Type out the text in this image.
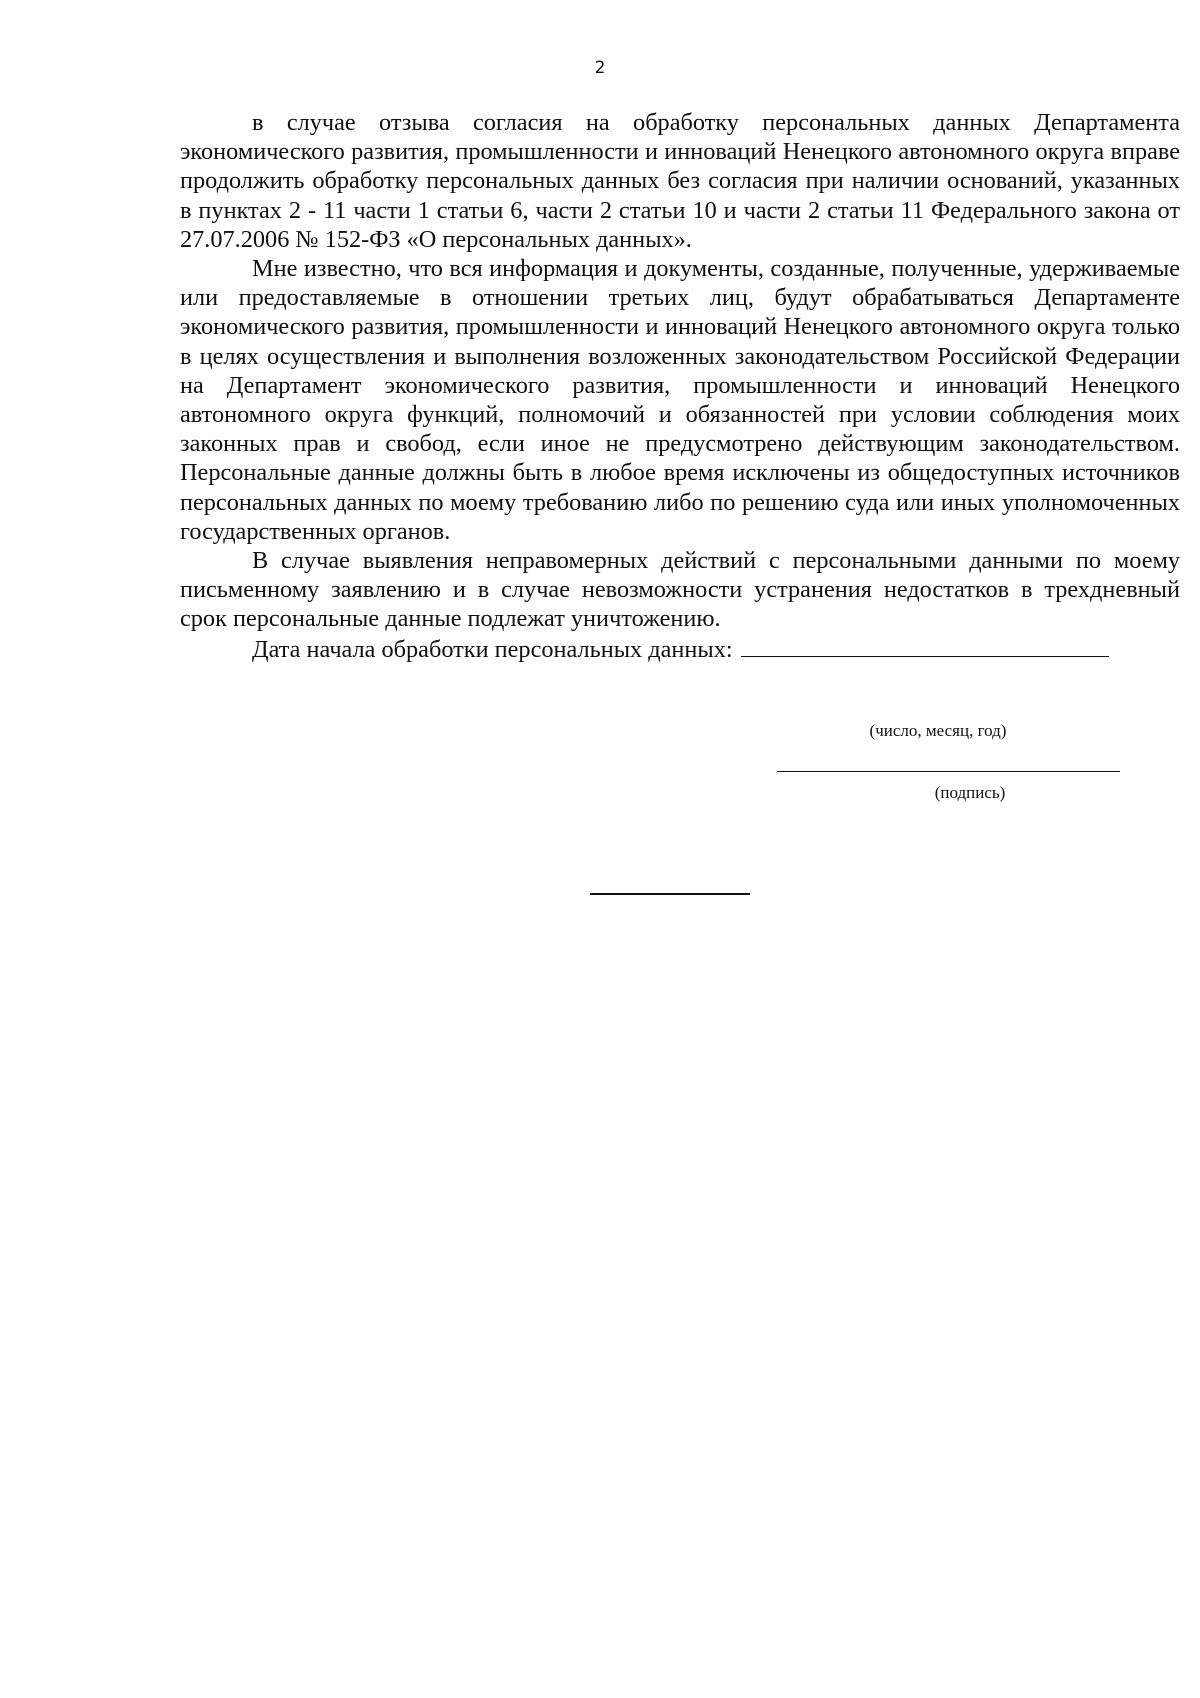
2

в случае отзыва согласия на обработку персональных данных Департамента экономического развития, промышленности и инноваций Ненецкого автономного округа вправе продолжить обработку персональных данных без согласия при наличии оснований, указанных в пунктах 2 - 11 части 1 статьи 6, части 2 статьи 10 и части 2 статьи 11 Федерального закона от 27.07.2006 № 152-ФЗ «О персональных данных».

Мне известно, что вся информация и документы, созданные, полученные, удерживаемые или предоставляемые в отношении третьих лиц, будут обрабатываться Департаменте экономического развития, промышленности и инноваций Ненецкого автономного округа только в целях осуществления и выполнения возложенных законодательством Российской Федерации на Департамент экономического развития, промышленности и инноваций Ненецкого автономного округа функций, полномочий и обязанностей при условии соблюдения моих законных прав и свобод, если иное не предусмотрено действующим законодательством. Персональные данные должны быть в любое время исключены из общедоступных источников персональных данных по моему требованию либо по решению суда или иных уполномоченных государственных органов.

В случае выявления неправомерных действий с персональными данными по моему письменному заявлению и в случае невозможности устранения недостатков в трехдневный срок персональные данные подлежат уничтожению.

Дата начала обработки персональных данных:

(число, месяц, год)
(подпись)
